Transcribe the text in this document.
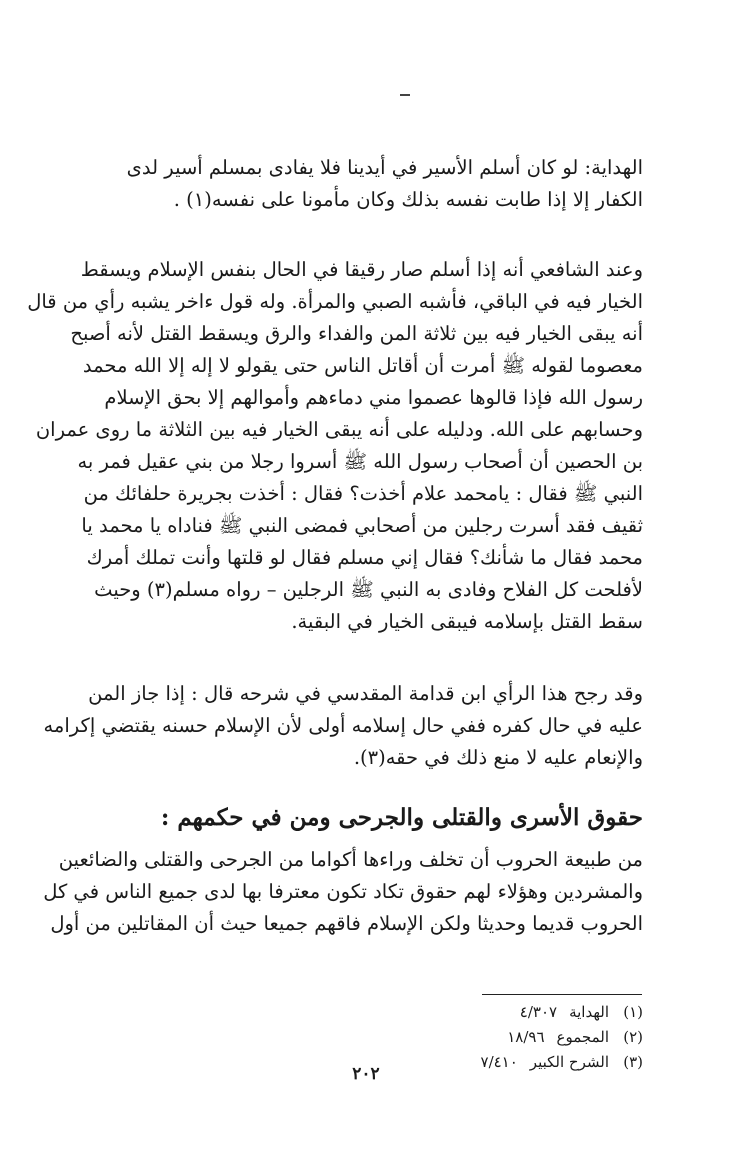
الهداية: لو كان أسلم الأسير في أيدينا فلا يفادى بمسلم أسير لدى
الكفار إلا إذا طابت نفسه بذلك وكان مأمونا على نفسه(١) .
وعند الشافعي أنه إذا أسلم صار رقيقا في الحال بنفس الإسلام ويسقط
الخيار فيه في الباقي، فأشبه الصبي والمرأة. وله قول ءاخر يشبه رأي من قال
أنه يبقى الخيار فيه بين ثلاثة المن والفداء والرق ويسقط القتل لأنه أصبح
معصوما لقوله ﷺ أمرت أن أقاتل الناس حتى يقولو لا إله إلا الله محمد
رسول الله فإذا قالوها عصموا مني دماءهم وأموالهم إلا بحق الإسلام
وحسابهم على الله. ودليله على أنه يبقى الخيار فيه بين الثلاثة ما روى عمران
بن الحصين أن أصحاب رسول الله ﷺ أسروا رجلا من بني عقيل فمر به
النبي ﷺ فقال : يامحمد علام أخذت؟ فقال : أخذت بجريرة حلفائك من
ثقيف فقد أسرت رجلين من أصحابي فمضى النبي ﷺ فناداه يا محمد يا
محمد فقال ما شأنك؟ فقال إني مسلم فقال لو قلتها وأنت تملك أمرك
لأفلحت كل الفلاح وفادى به النبي ﷺ الرجلين – رواه مسلم(٣) وحيث
سقط القتل بإسلامه فيبقى الخيار في البقية.
وقد رجح هذا الرأي ابن قدامة المقدسي في شرحه قال : إذا جاز المن
عليه في حال كفره ففي حال إسلامه أولى لأن الإسلام حسنه يقتضي إكرامه
والإنعام عليه لا منع ذلك في حقه(٣).
حقوق الأسرى والقتلى والجرحى ومن في حكمهم :
من طبيعة الحروب أن تخلف وراءها أكواما من الجرحى والقتلى والضائعين
والمشردين وهؤلاء لهم حقوق تكاد تكون معترفا بها لدى جميع الناس في كل
الحروب قديما وحديثا ولكن الإسلام فاقهم جميعا حيث أن المقاتلين من أول
(١)الهداية٤/٣٠٧
(٢)المجموع١٨/٩٦
(٣)الشرح الكبير٧/٤١٠
٢٠٢
